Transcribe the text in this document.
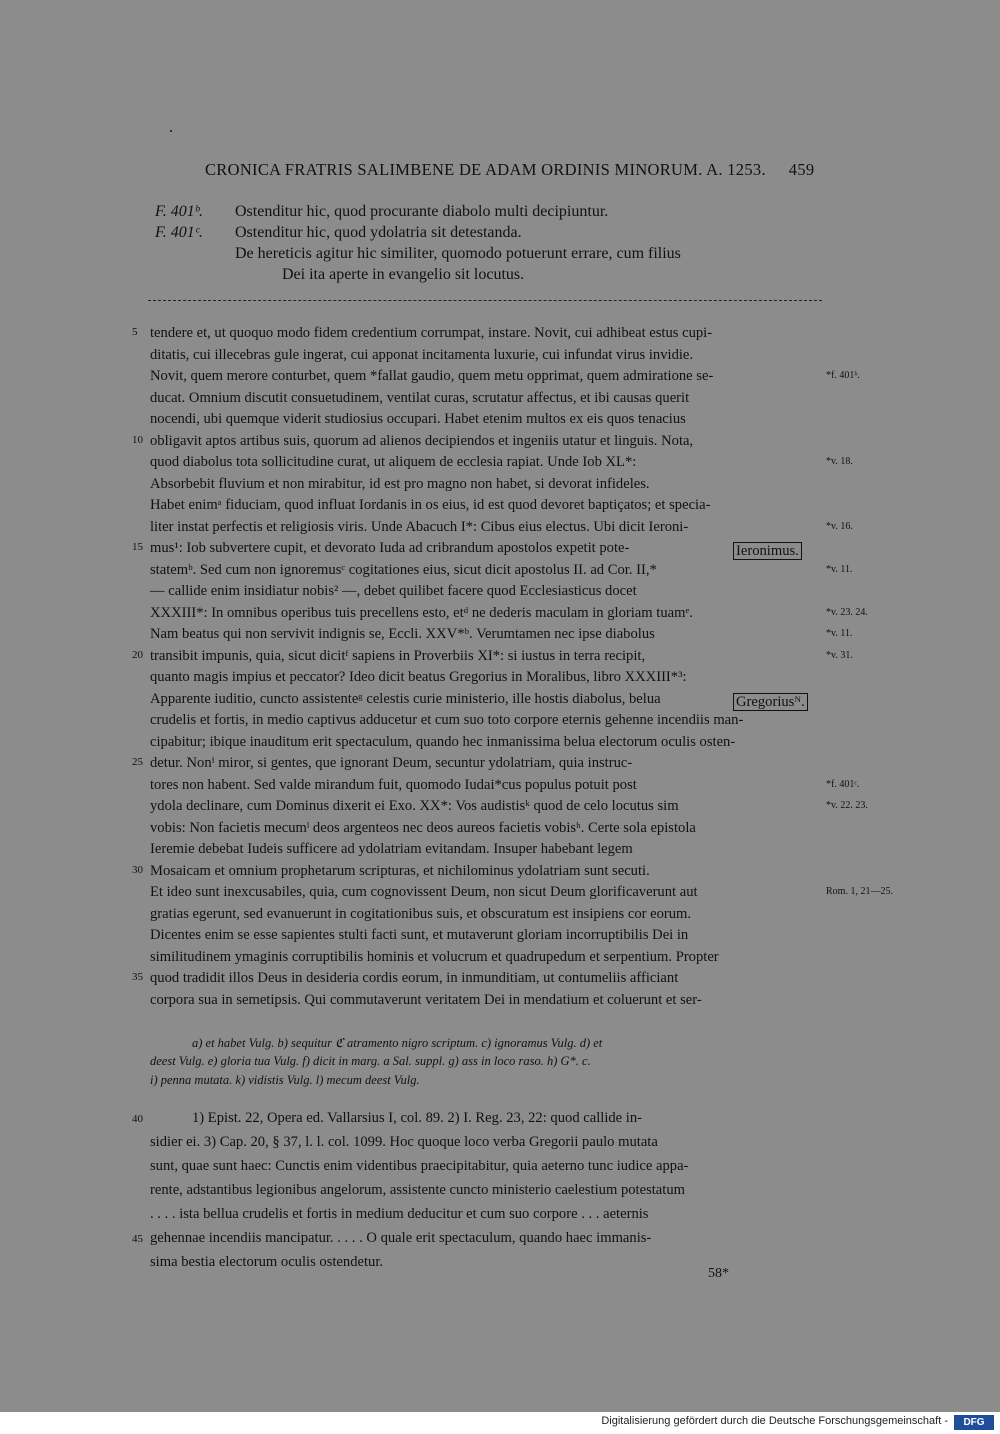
CRONICA FRATRIS SALIMBENE DE ADAM ORDINIS MINORUM. A. 1253. 459
F. 401ᵇ. Ostenditur hic, quod procurante diabolo multi decipiuntur.
F. 401ᶜ. Ostenditur hic, quod ydolatria sit detestanda.
De hereticis agitur hic similiter, quomodo potuerunt errare, cum filius
Dei ita aperte in evangelio sit locutus.
tendere et, ut quoquo modo fidem credentium corrumpat, instare. Novit, cui adhibeat estus cupi-
5
ditatis, cui illecebras gule ingerat, cui apponat incitamenta luxurie, cui infundat virus invidie.
Novit, quem merore conturbet, quem *fallat gaudio, quem metu opprimat, quem admiratione se-
ducat. Omnium discutit consuetudinem, ventilat curas, scrutatur affectus, et ibi causas querit
nocendi, ubi quemque viderit studiosius occupari. Habet etenim multos ex eis quos tenacius
obligavit aptos artibus suis, quorum ad alienos decipiendos et ingeniis utatur et linguis. Nota,
10
quod diabolus tota sollicitudine curat, ut aliquem de ecclesia rapiat. Unde Iob XL*:
Absorbebit fluvium et non mirabitur, id est pro magno non habet, si devorat infideles.
Habet enimᵃ fiduciam, quod influat Iordanis in os eius, id est quod devoret baptiçatos; et specia-
liter instat perfectis et religiosis viris. Unde Abacuch I*: Cibus eius electus. Ubi dicit Ieroni-
mus¹: Iob subvertere cupit, et devorato Iuda ad cribrandum apostolos expetit pote-
15
statemᵇ. Sed cum non ignoremusᶜ cogitationes eius, sicut dicit apostolus II. ad Cor. II,*
— callide enim insidiatur nobis² —, debet quilibet facere quod Ecclesiasticus docet
XXXIII*: In omnibus operibus tuis precellens esto, etᵈ ne dederis maculam in gloriam tuamᵉ.
Nam beatus qui non servivit indignis se, Eccli. XXV*ᵇ. Verumtamen nec ipse diabolus
transibit impunis, quia, sicut dicitᶠ sapiens in Proverbiis XI*: si iustus in terra recipit,
20
quanto magis impius et peccator? Ideo dicit beatus Gregorius in Moralibus, libro XXXIII*³:
Apparente iuditio, cuncto assistenteᵍ celestis curie ministerio, ille hostis diabolus, belua
crudelis et fortis, in medio captivus adducetur et cum suo toto corpore eternis gehenne incendiis man-
cipabitur; ibique inauditum erit spectaculum, quando hec inmanissima belua electorum oculis osten-
detur. Nonⁱ miror, si gentes, que ignorant Deum, secuntur ydolatriam, quia instruc-
25
tores non habent. Sed valde mirandum fuit, quomodo Iudai*cus populus potuit post
ydola declinare, cum Dominus dixerit ei Exo. XX*: Vos audistisᵏ quod de celo locutus sim
vobis: Non facietis mecumˡ deos argenteos nec deos aureos facietis vobisʰ. Certe sola epistola
Ieremie debebat Iudeis sufficere ad ydolatriam evitandam. Insuper habebant legem
Mosaicam et omnium prophetarum scripturas, et nichilominus ydolatriam sunt secuti.
30
Et ideo sunt inexcusabiles, quia, cum cognovissent Deum, non sicut Deum glorificaverunt aut
gratias egerunt, sed evanuerunt in cogitationibus suis, et obscuratum est insipiens cor eorum.
Dicentes enim se esse sapientes stulti facti sunt, et mutaverunt gloriam incorruptibilis Dei in
similitudinem ymaginis corruptibilis hominis et volucrum et quadrupedum et serpentium. Propter
quod tradidit illos Deus in desideria cordis eorum, in inmunditiam, ut contumeliis afficiant
35
corpora sua in semetipsis. Qui commutaverunt veritatem Dei in mendatium et coluerunt et ser-
*f. 401ᵇ.
*v. 18.
*v. 16.
*v. 11.
*v. 23. 24.
*v. 11.
*v. 31.
*f. 401ᶜ.
*v. 22. 23.
Rom. 1, 21—25.
Ieronimus.
Gregoriusᴺ.
a) et habet Vulg. b) sequitur ℭ atramento nigro scriptum. c) ignoramus Vulg. d) et
deest Vulg. e) gloria tua Vulg. f) dicit in marg. a Sal. suppl. g) ass in loco raso. h) G*. c.
i) penna mutata. k) vidistis Vulg. l) mecum deest Vulg.
1) Epist. 22, Opera ed. Vallarsius I, col. 89. 2) I. Reg. 23, 22: quod callide in-
40
sidier ei. 3) Cap. 20, § 37, l. l. col. 1099. Hoc quoque loco verba Gregorii paulo mutata
sunt, quae sunt haec: Cunctis enim videntibus praecipitabitur, quia aeterno tunc iudice appa-
rente, adstantibus legionibus angelorum, assistente cuncto ministerio caelestium potestatum
. . . . ista bellua crudelis et fortis in medium deducitur et cum suo corpore . . . aeternis
gehennae incendiis mancipatur. . . . . O quale erit spectaculum, quando haec immanis-
45
sima bestia electorum oculis ostendetur.
58*
Digitalisierung gefördert durch die Deutsche Forschungsgemeinschaft -	DFG
